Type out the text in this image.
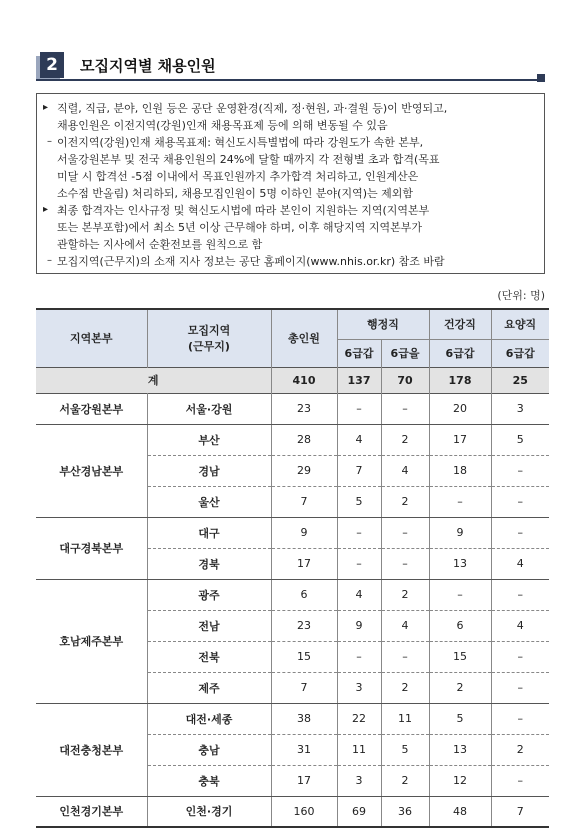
2	모집지역별 채용인원
▸ 직렬, 직급, 분야, 인원 등은 공단 운영환경(직제, 정·현원, 과·결원 등)이 반영되고,
채용인원은 이전지역(강원)인재 채용목표제 등에 의해 변동될 수 있음
– 이전지역(강원)인재 채용목표제: 혁신도시특별법에 따라 강원도가 속한 본부,
서울강원본부 및 전국 채용인원의 24%에 달할 때까지 각 전형별 초과 합격(목표
미달 시 합격선 -5점 이내에서 목표인원까지 추가합격 처리하고, 인원계산은
소수점 반올림) 처리하되, 채용모집인원이 5명 이하인 분야(지역)는 제외함
▸ 최종 합격자는 인사규정 및 혁신도시법에 따라 본인이 지원하는 지역(지역본부
또는 본부포함)에서 최소 5년 이상 근무해야 하며, 이후 해당지역 지역본부가
관할하는 지사에서 순환전보를 원칙으로 함
– 모집지역(근무지)의 소재 지사 정보는 공단 홈페이지(www.nhis.or.kr) 참조 바람
(단위: 명)
지역본부	모집지역
(근무지)	총인원	행정직		건강직	요양직
			6급갑	6급을	6급갑	6급갑
계		410	137	70	178	25
서울강원본부	서울·강원	23	–	–	20	3
부산경남본부	부산	28	4	2	17	5
	경남	29	7	4	18	–
	울산	7	5	2	–	–
대구경북본부	대구	9	–	–	9	–
	경북	17	–	–	13	4
호남제주본부	광주	6	4	2	–	–
	전남	23	9	4	6	4
	전북	15	–	–	15	–
	제주	7	3	2	2	–
대전충청본부	대전·세종	38	22	11	5	–
	충남	31	11	5	13	2
	충북	17	3	2	12	–
인천경기본부	인천·경기	160	69	36	48	7
